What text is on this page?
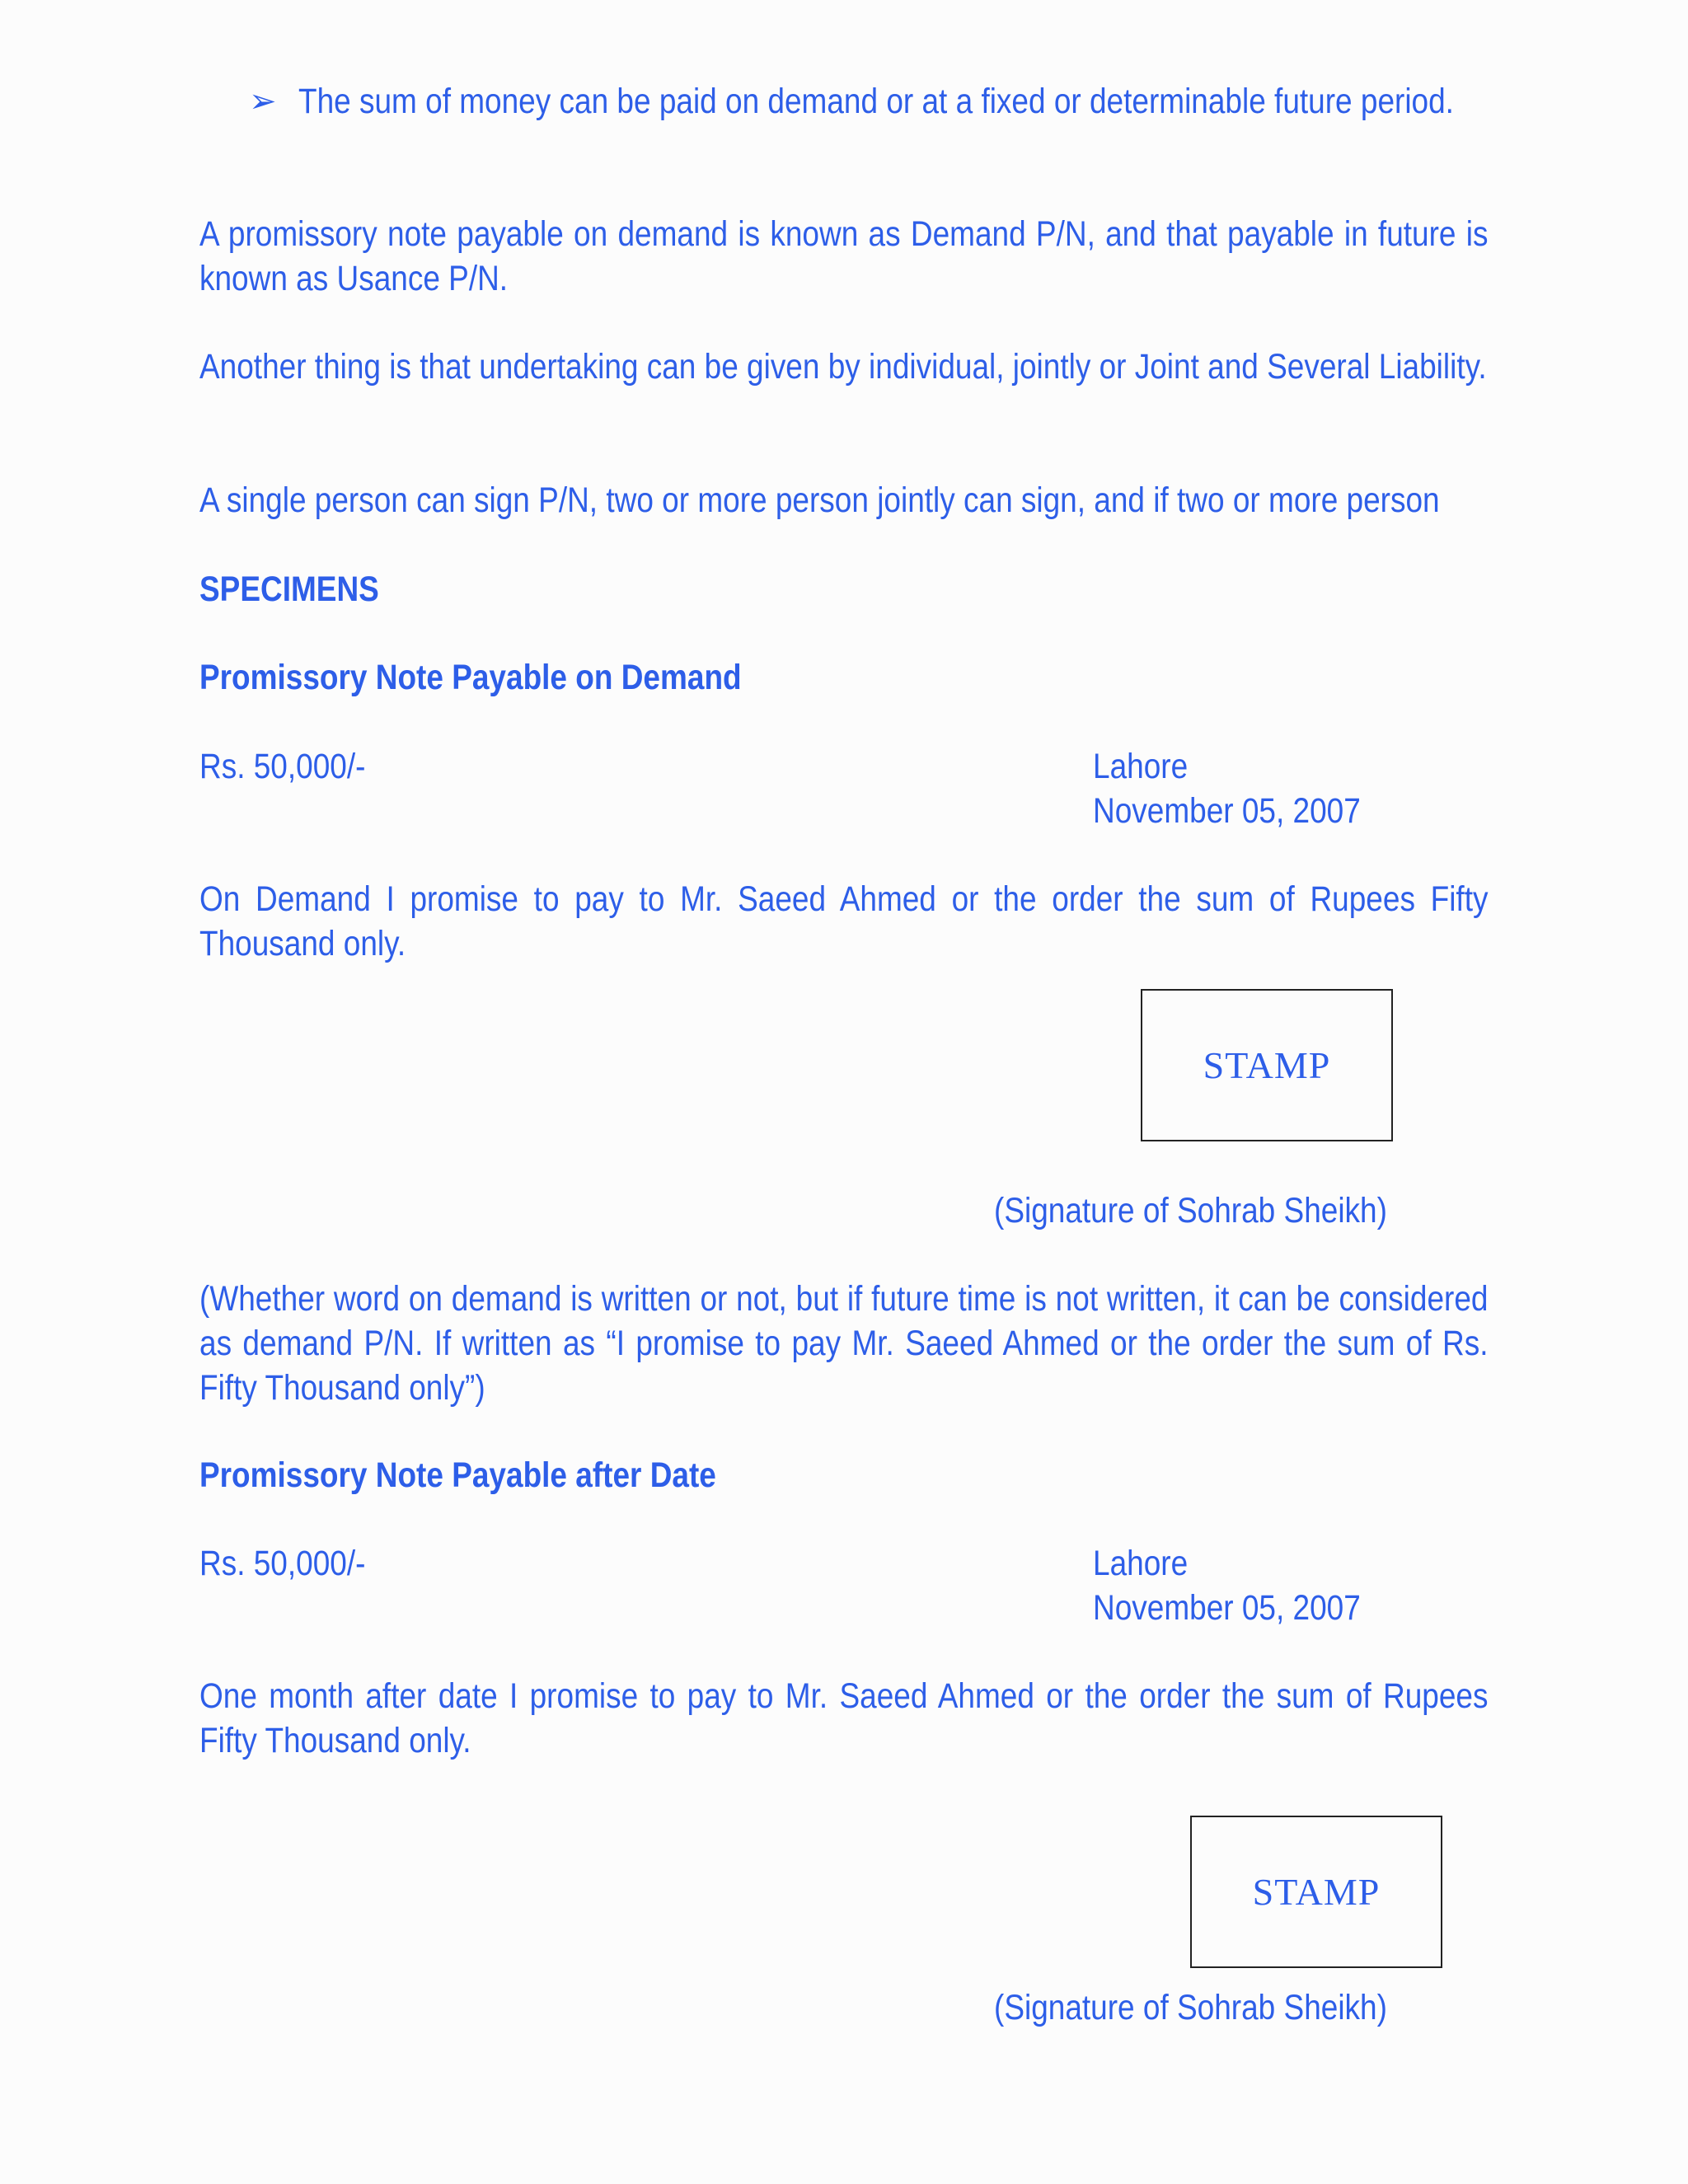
➢ The sum of money can be paid on demand or at a fixed or determinable future period.

A promissory note payable on demand is known as Demand P/N, and that payable in future is known as Usance P/N.

Another thing is that undertaking can be given by individual, jointly or Joint and Several Liability.

A single person can sign P/N, two or more person jointly can sign, and if two or more person

SPECIMENS
Promissory Note Payable on Demand
Rs. 50,000/-	Lahore
November 05, 2007

On Demand I promise to pay to Mr. Saeed Ahmed or the order the sum of Rupees Fifty Thousand only.

STAMP
(Signature of Sohrab Sheikh)

(Whether word on demand is written or not, but if future time is not written, it can be considered as demand P/N. If written as “I promise to pay Mr. Saeed Ahmed or the order the sum of Rs. Fifty Thousand only”)

Promissory Note Payable after Date
Rs. 50,000/-	Lahore
November 05, 2007

One month after date I promise to pay to Mr. Saeed Ahmed or the order the sum of Rupees Fifty Thousand only.

STAMP
(Signature of Sohrab Sheikh)
